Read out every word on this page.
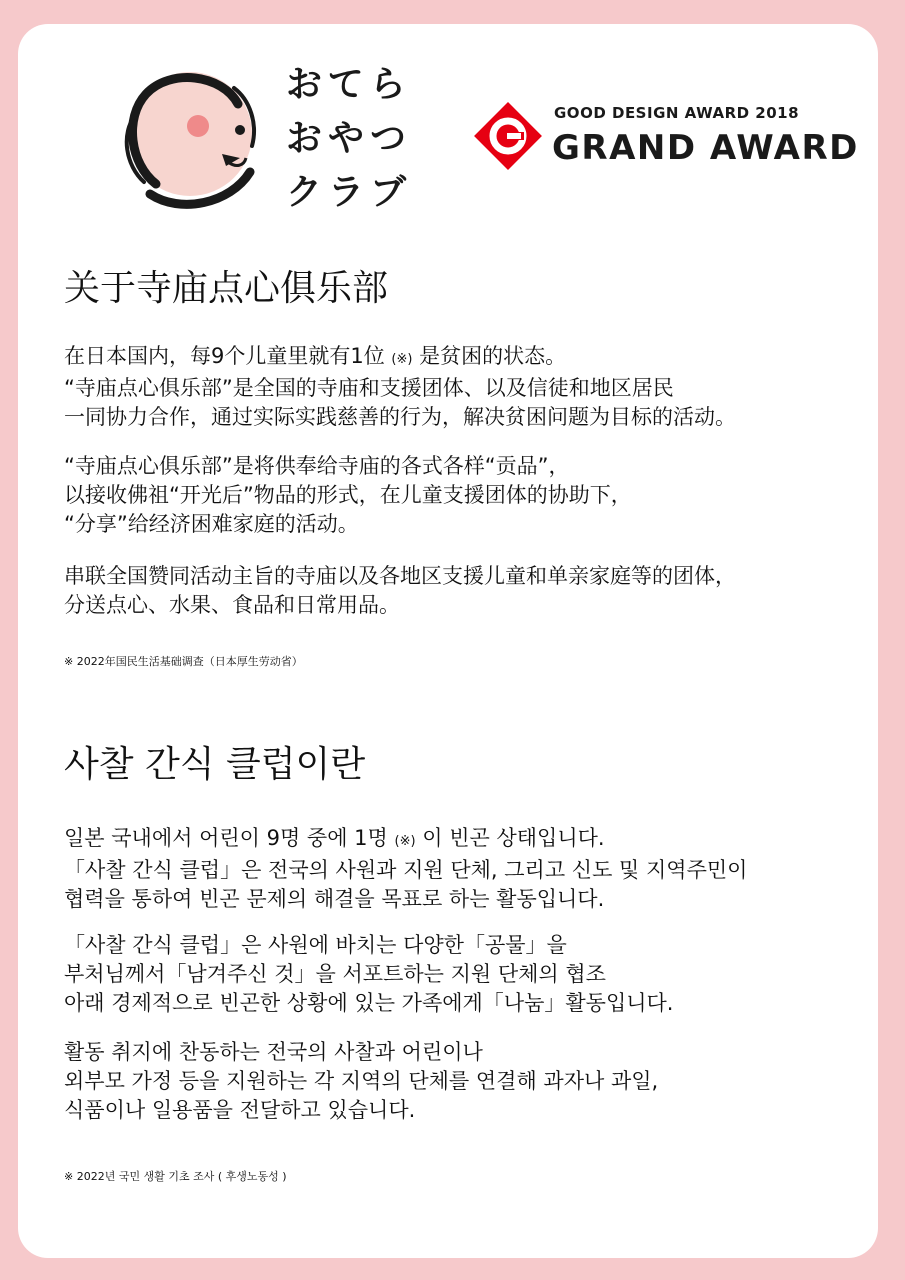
おてら
おやつ
クラブ
GOOD DESIGN AWARD 2018
GRAND AWARD
关于寺庙点心俱乐部
在日本国内，每9个儿童里就有1位 (※) 是贫困的状态。
“寺庙点心俱乐部”是全国的寺庙和支援团体、以及信徒和地区居民
一同协力合作，通过实际实践慈善的行为，解决贫困问题为目标的活动。
“寺庙点心俱乐部”是将供奉给寺庙的各式各样“贡品”，
以接收佛祖“开光后”物品的形式，在儿童支援团体的协助下，
“分享”给经济困难家庭的活动。
串联全国赞同活动主旨的寺庙以及各地区支援儿童和单亲家庭等的团体，
分送点心、水果、食品和日常用品。
※ 2022年国民生活基础调查（日本厚生劳动省）
사찰 간식 클럽이란
일본 국내에서 어린이 9명 중에 1명 (※) 이 빈곤 상태입니다.
「사찰 간식 클럽」은 전국의 사원과 지원 단체, 그리고 신도 및 지역주민이
협력을 통하여 빈곤 문제의 해결을 목표로 하는 활동입니다.
「사찰 간식 클럽」은 사원에 바치는 다양한「공물」을
부처님께서「남겨주신 것」을 서포트하는 지원 단체의 협조
아래 경제적으로 빈곤한 상황에 있는 가족에게「나눔」활동입니다.
활동 취지에 찬동하는 전국의 사찰과 어린이나
외부모 가정 등을 지원하는 각 지역의 단체를 연결해 과자나 과일,
식품이나 일용품을 전달하고 있습니다.
※ 2022년 국민 생활 기초 조사 ( 후생노동성 )
